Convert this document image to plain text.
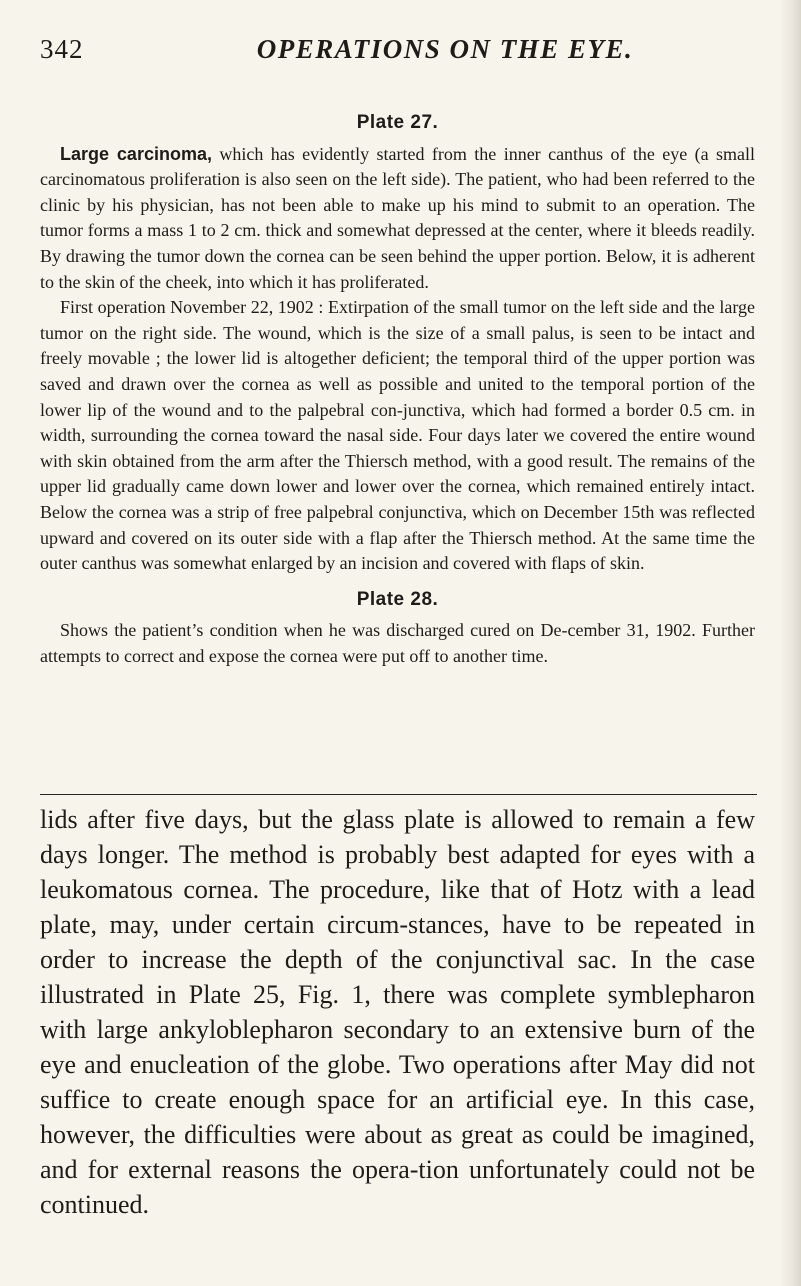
342	OPERATIONS ON THE EYE.
Plate 27.

Large carcinoma, which has evidently started from the inner canthus of the eye (a small carcinomatous proliferation is also seen on the left side). The patient, who had been referred to the clinic by his physician, has not been able to make up his mind to submit to an operation. The tumor forms a mass 1 to 2 cm. thick and somewhat depressed at the center, where it bleeds readily. By drawing the tumor down the cornea can be seen behind the upper portion. Below, it is adherent to the skin of the cheek, into which it has proliferated.

First operation November 22, 1902 : Extirpation of the small tumor on the left side and the large tumor on the right side. The wound, which is the size of a small palus, is seen to be intact and freely movable ; the lower lid is altogether deficient; the temporal third of the upper portion was saved and drawn over the cornea as well as possible and united to the temporal portion of the lower lip of the wound and to the palpebral con-junctiva, which had formed a border 0.5 cm. in width, surrounding the cornea toward the nasal side. Four days later we covered the entire wound with skin obtained from the arm after the Thiersch method, with a good result. The remains of the upper lid gradually came down lower and lower over the cornea, which remained entirely intact. Below the cornea was a strip of free palpebral conjunctiva, which on December 15th was reflected upward and covered on its outer side with a flap after the Thiersch method. At the same time the outer canthus was somewhat enlarged by an incision and covered with flaps of skin.

Plate 28.

Shows the patient’s condition when he was discharged cured on De-cember 31, 1902. Further attempts to correct and expose the cornea were put off to another time.

lids after five days, but the glass plate is allowed to remain a few days longer. The method is probably best adapted for eyes with a leukomatous cornea. The procedure, like that of Hotz with a lead plate, may, under certain circum-stances, have to be repeated in order to increase the depth of the conjunctival sac. In the case illustrated in Plate 25, Fig. 1, there was complete symblepharon with large ankyloblepharon secondary to an extensive burn of the eye and enucleation of the globe. Two operations after May did not suffice to create enough space for an artificial eye. In this case, however, the difficulties were about as great as could be imagined, and for external reasons the opera-tion unfortunately could not be continued.
